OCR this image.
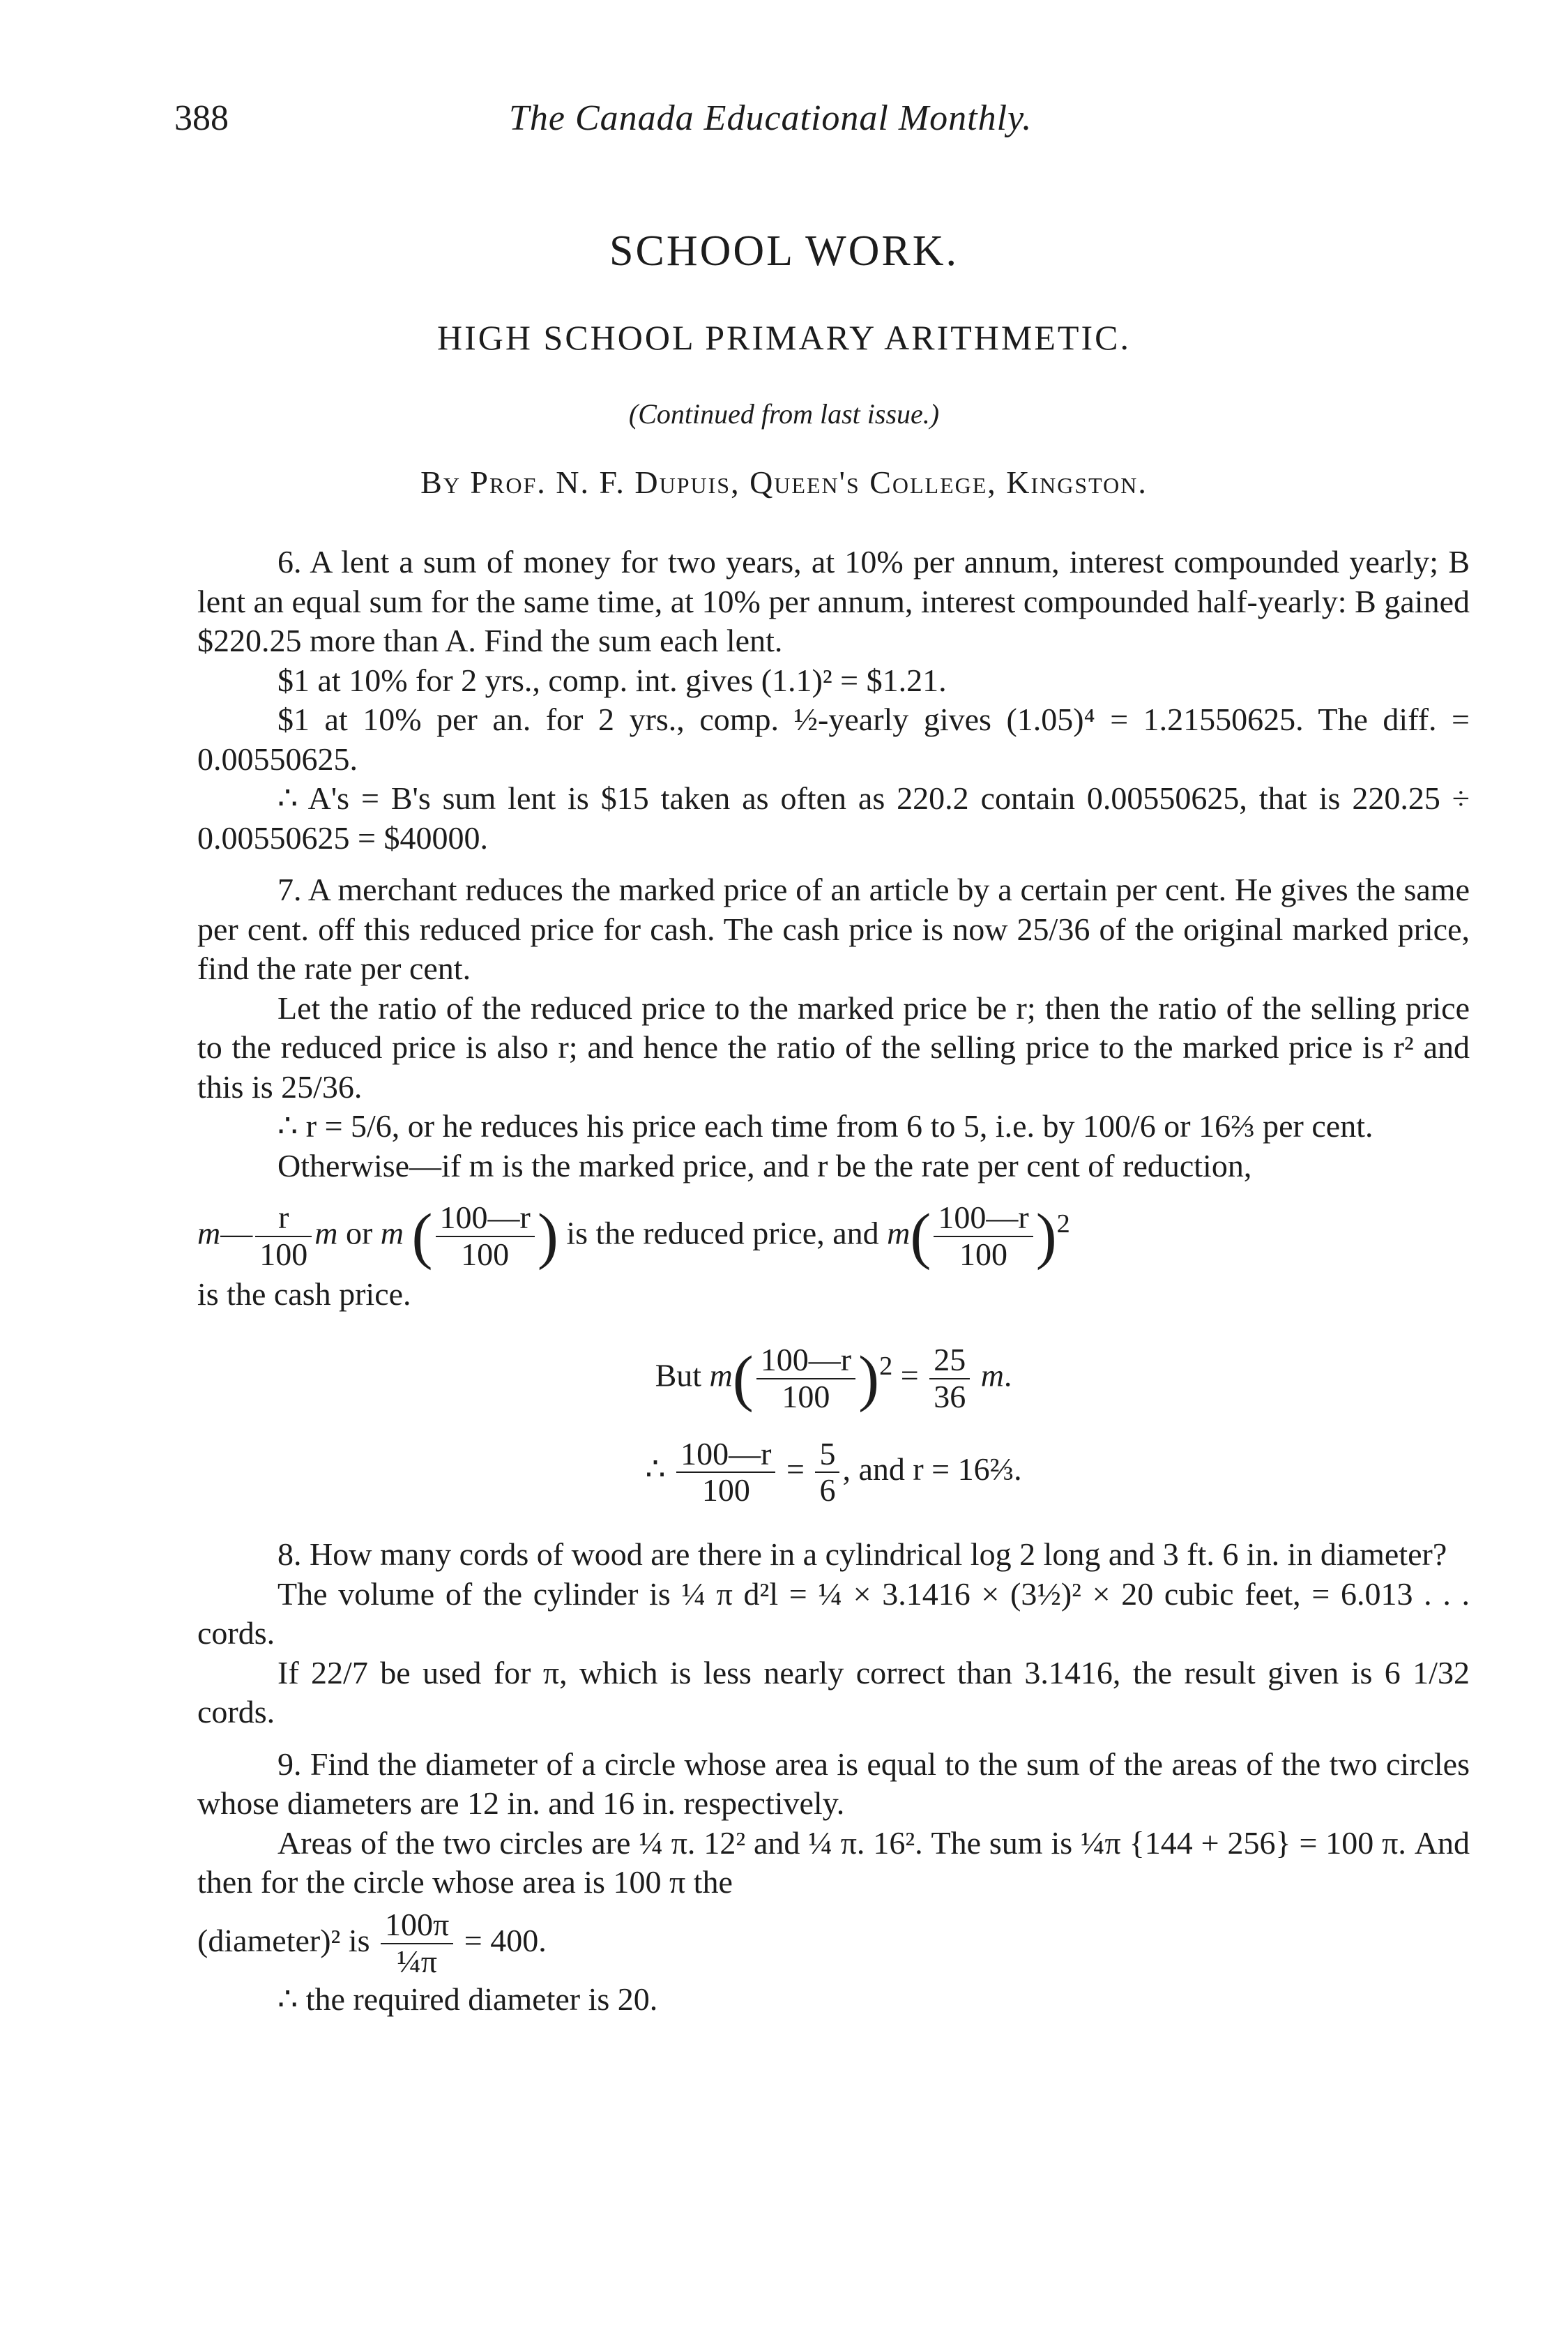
388	The Canada Educational Monthly.
SCHOOL WORK.
HIGH SCHOOL PRIMARY ARITHMETIC.
(Continued from last issue.)
By Prof. N. F. Dupuis, Queen's College, Kingston.

6. A lent a sum of money for two years, at 10% per annum, interest compounded yearly; B lent an equal sum for the same time, at 10% per annum, interest compounded half-yearly: B gained $220.25 more than A. Find the sum each lent.

$1 at 10% for 2 yrs., comp. int. gives (1.1)² = $1.21.

$1 at 10% per an. for 2 yrs., comp. ½-yearly gives (1.05)⁴ = 1.21550625. The diff. = 0.00550625.

∴ A's = B's sum lent is $15 taken as often as 220.2 contain 0.00550625, that is 220.25 ÷ 0.00550625 = $40000.

7. A merchant reduces the marked price of an article by a certain per cent. He gives the same per cent. off this reduced price for cash. The cash price is now 25/36 of the original marked price, find the rate per cent.

Let the ratio of the reduced price to the marked price be r; then the ratio of the selling price to the reduced price is also r; and hence the ratio of the selling price to the marked price is r² and this is 25/36.

∴ r = 5/6, or he reduces his price each time from 6 to 5, i.e. by 100/6 or 16⅔ per cent.

Otherwise—if m is the marked price, and r be the rate per cent of reduction,

m— $\frac{r}{100}$ m or m ( $\frac{100—r}{100}$ ) is the reduced price, and $m( \frac{100—r}{100} )^2$

is the cash price.

But $m( \frac{100—r}{100} )^2 = \frac{25}{36} m$.

∴ $\frac{100—r}{100} = \frac{5}{6}$ , and r = 16⅔.

8. How many cords of wood are there in a cylindrical log 2 long and 3 ft. 6 in. in diameter?

The volume of the cylinder is ¼ π d²l = ¼ × 3.1416 × (3½)² × 20 cubic feet, = 6.013 . . . cords.

If 22/7 be used for π, which is less nearly correct than 3.1416, the result given is 6 1/32 cords.

9. Find the diameter of a circle whose area is equal to the sum of the areas of the two circles whose diameters are 12 in. and 16 in. respectively.

Areas of the two circles are ¼ π. 12² and ¼ π. 16². The sum is ¼π {144 + 256} = 100 π. And then for the circle whose area is 100 π the

(diameter)² is $\frac{100\pi}{\text{¼π}} = 400$.

∴ the required diameter is 20.
